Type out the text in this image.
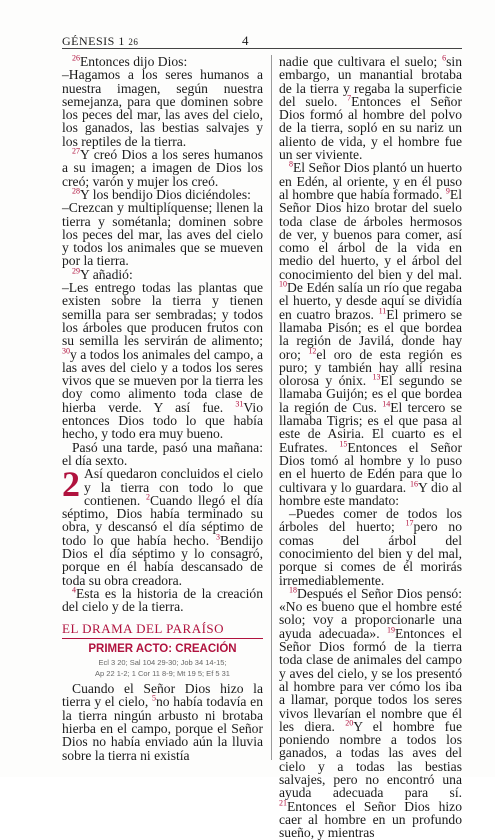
GÉNESIS 1 26	4

$^{26}$Entonces dijo Dios:
–Hagamos a los seres humanos a nuestra imagen, según nuestra semejanza, para que dominen sobre los peces del mar, las aves del cielo, los ganados, las bestias salvajes y los reptiles de la tierra.

$^{27}$Y creó Dios a los seres humanos a su imagen; a imagen de Dios los creó; varón y mujer los creó.

$^{28}$Y los bendijo Dios diciéndoles:
–Crezcan y multiplíquense; llenen la tierra y sométanla; dominen sobre los peces del mar, las aves del cielo y todos los animales que se mueven por la tierra.

$^{29}$Y añadió:
–Les entrego todas las plantas que existen sobre la tierra y tienen semilla para ser sembradas; y todos los árboles que producen frutos con su semilla les servirán de alimento; $^{30}$y a todos los animales del campo, a las aves del cielo y a todos los seres vivos que se mueven por la tierra les doy como alimento toda clase de hierba verde. Y así fue. $^{31}$Vio entonces Dios todo lo que había hecho, y todo era muy bueno.

Pasó una tarde, pasó una mañana: el día sexto.

2 Así quedaron concluidos el cielo y la tierra con todo lo que contienen. $^2$Cuando llegó el día séptimo, Dios había terminado su obra, y descansó el día séptimo de todo lo que había hecho. $^3$Bendijo Dios el día séptimo y lo consagró, porque en él había descansado de toda su obra creadora.

$^4$Esta es la historia de la creación del cielo y de la tierra.

EL DRAMA DEL PARAÍSO
PRIMER ACTO: CREACIÓN
Ecl 3 20; Sal 104 29-30; Job 34 14-15;
Ap 22 1-2; 1 Cor 11 8-9; Mt 19 5; Ef 5 31

Cuando el Señor Dios hizo la tierra y el cielo, $^5$no había todavía en la tierra ningún arbusto ni brotaba hierba en el campo, porque el Señor Dios no había enviado aún la lluvia sobre la tierra ni existía

nadie que cultivara el suelo; $^6$sin embargo, un manantial brotaba de la tierra y regaba la superficie del suelo. $^7$Entonces el Señor Dios formó al hombre del polvo de la tierra, sopló en su nariz un aliento de vida, y el hombre fue un ser viviente.

$^8$El Señor Dios plantó un huerto en Edén, al oriente, y en él puso al hombre que había formado. $^9$El Señor Dios hizo brotar del suelo toda clase de árboles hermosos de ver, y buenos para comer, así como el árbol de la vida en medio del huerto, y el árbol del conocimiento del bien y del mal. $^{10}$De Edén salía un río que regaba el huerto, y desde aquí se dividía en cuatro brazos. $^{11}$El primero se llamaba Pisón; es el que bordea la región de Javilá, donde hay oro; $^{12}$el oro de esta región es puro; y también hay allí resina olorosa y ónix. $^{13}$El segundo se llamaba Guijón; es el que bordea la región de Cus. $^{14}$El tercero se llamaba Tigris; es el que pasa al este de Asiria. El cuarto es el Eufrates. $^{15}$Entonces el Señor Dios tomó al hombre y lo puso en el huerto de Edén para que lo cultivara y lo guardara. $^{16}$Y dio al hombre este mandato:

–Puedes comer de todos los árboles del huerto; $^{17}$pero no comas del árbol del conocimiento del bien y del mal, porque si comes de él morirás irremediablemente.

$^{18}$Después el Señor Dios pensó: «No es bueno que el hombre esté solo; voy a proporcionarle una ayuda adecuada». $^{19}$Entonces el Señor Dios formó de la tierra toda clase de animales del campo y aves del cielo, y se los presentó al hombre para ver cómo los iba a llamar, porque todos los seres vivos llevarían el nombre que él les diera. $^{20}$Y el hombre fue poniendo nombre a todos los ganados, a todas las aves del cielo y a todas las bestias salvajes, pero no encontró una ayuda adecuada para sí. $^{21}$Entonces el Señor Dios hizo caer al hombre en un profundo sueño, y mientras
